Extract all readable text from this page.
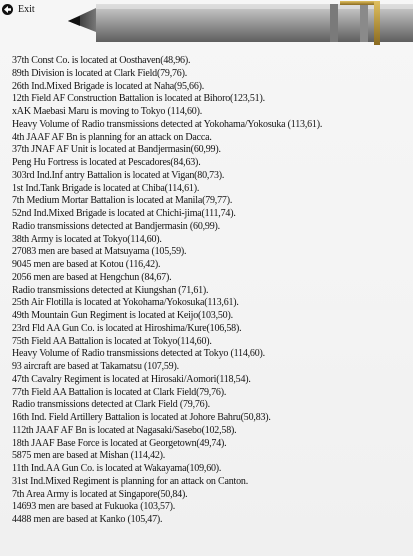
Exit
37th Const Co. is located at Oosthaven(48,96).
89th Division is located at Clark Field(79,76).
26th Ind.Mixed Brigade is located at Naha(95,66).
12th Field AF Construction Battalion is located at Bihoro(123,51).
xAK Maebasi Maru is moving to Tokyo (114,60).
Heavy Volume of Radio transmissions detected at Yokohama/Yokosuka (113,61).
4th JAAF AF Bn is planning for an attack on Dacca.
37th JNAF AF Unit is located at Bandjermasin(60,99).
Peng Hu Fortress is located at Pescadores(84,63).
303rd Ind.Inf antry Battalion is located at Vigan(80,73).
1st Ind.Tank Brigade is located at Chiba(114,61).
7th Medium Mortar Battalion is located at Manila(79,77).
52nd Ind.Mixed Brigade is located at Chichi-jima(111,74).
Radio transmissions detected at Bandjermasin (60,99).
38th Army is located at Tokyo(114,60).
27083 men are based at Matsuyama (105,59).
9045 men are based at Kotou (116,42).
2056 men are based at Hengchun (84,67).
Radio transmissions detected at Kiungshan (71,61).
25th Air Flotilla is located at Yokohama/Yokosuka(113,61).
49th Mountain Gun Regiment is located at Keijo(103,50).
23rd Fld AA Gun Co. is located at Hiroshima/Kure(106,58).
75th Field AA Battalion is located at Tokyo(114,60).
Heavy Volume of Radio transmissions detected at Tokyo (114,60).
93 aircraft are based at Takamatsu (107,59).
47th Cavalry Regiment is located at Hirosaki/Aomori(118,54).
77th Field AA Battalion is located at Clark Field(79,76).
Radio transmissions detected at Clark Field (79,76).
16th Ind. Field Artillery Battalion is located at Johore Bahru(50,83).
112th JAAF AF Bn is located at Nagasaki/Sasebo(102,58).
18th JAAF Base Force is located at Georgetown(49,74).
5875 men are based at Mishan (114,42).
11th Ind.AA Gun Co. is located at Wakayama(109,60).
31st Ind.Mixed Regiment is planning for an attack on Canton.
7th Area Army is located at Singapore(50,84).
14693 men are based at Fukuoka (103,57).
4488 men are based at Kanko (105,47).
